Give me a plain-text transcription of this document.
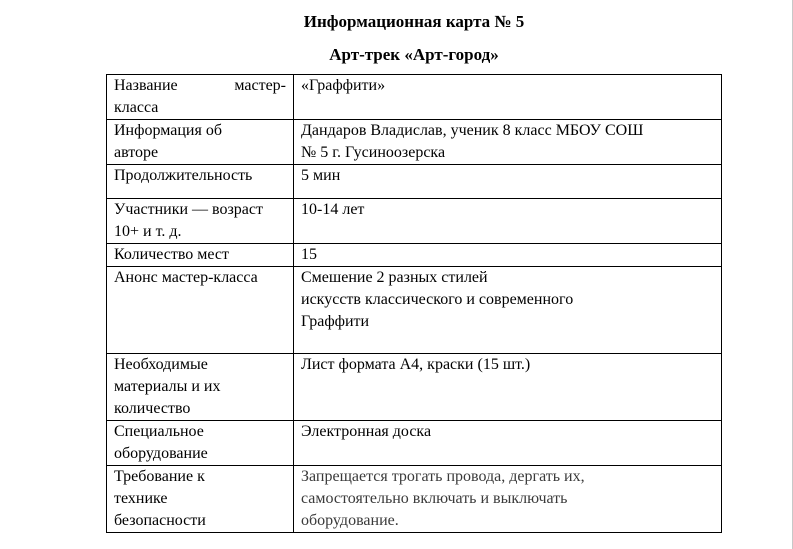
Информационная карта № 5
Арт-трек «Арт-город»
Название мастер-
класса	«Граффити»

Информация об
авторе	Дандаров Владислав, ученик 8 класс МБОУ СОШ
№ 5 г. Гусиноозерска

Продолжительность	5 мин

Участники — возраст
10+ и т. д.	10-14 лет

Количество мест	15

Анонс мастер-класса	Смешение 2 разных стилей
искусств классического и современного
Граффити

Необходимые
материалы и их
количество	Лист формата А4, краски (15 шт.)

Специальное
оборудование	Электронная доска

Требование к
технике
безопасности	Запрещается трогать провода, дергать их,
самостоятельно включать и выключать
оборудование.
